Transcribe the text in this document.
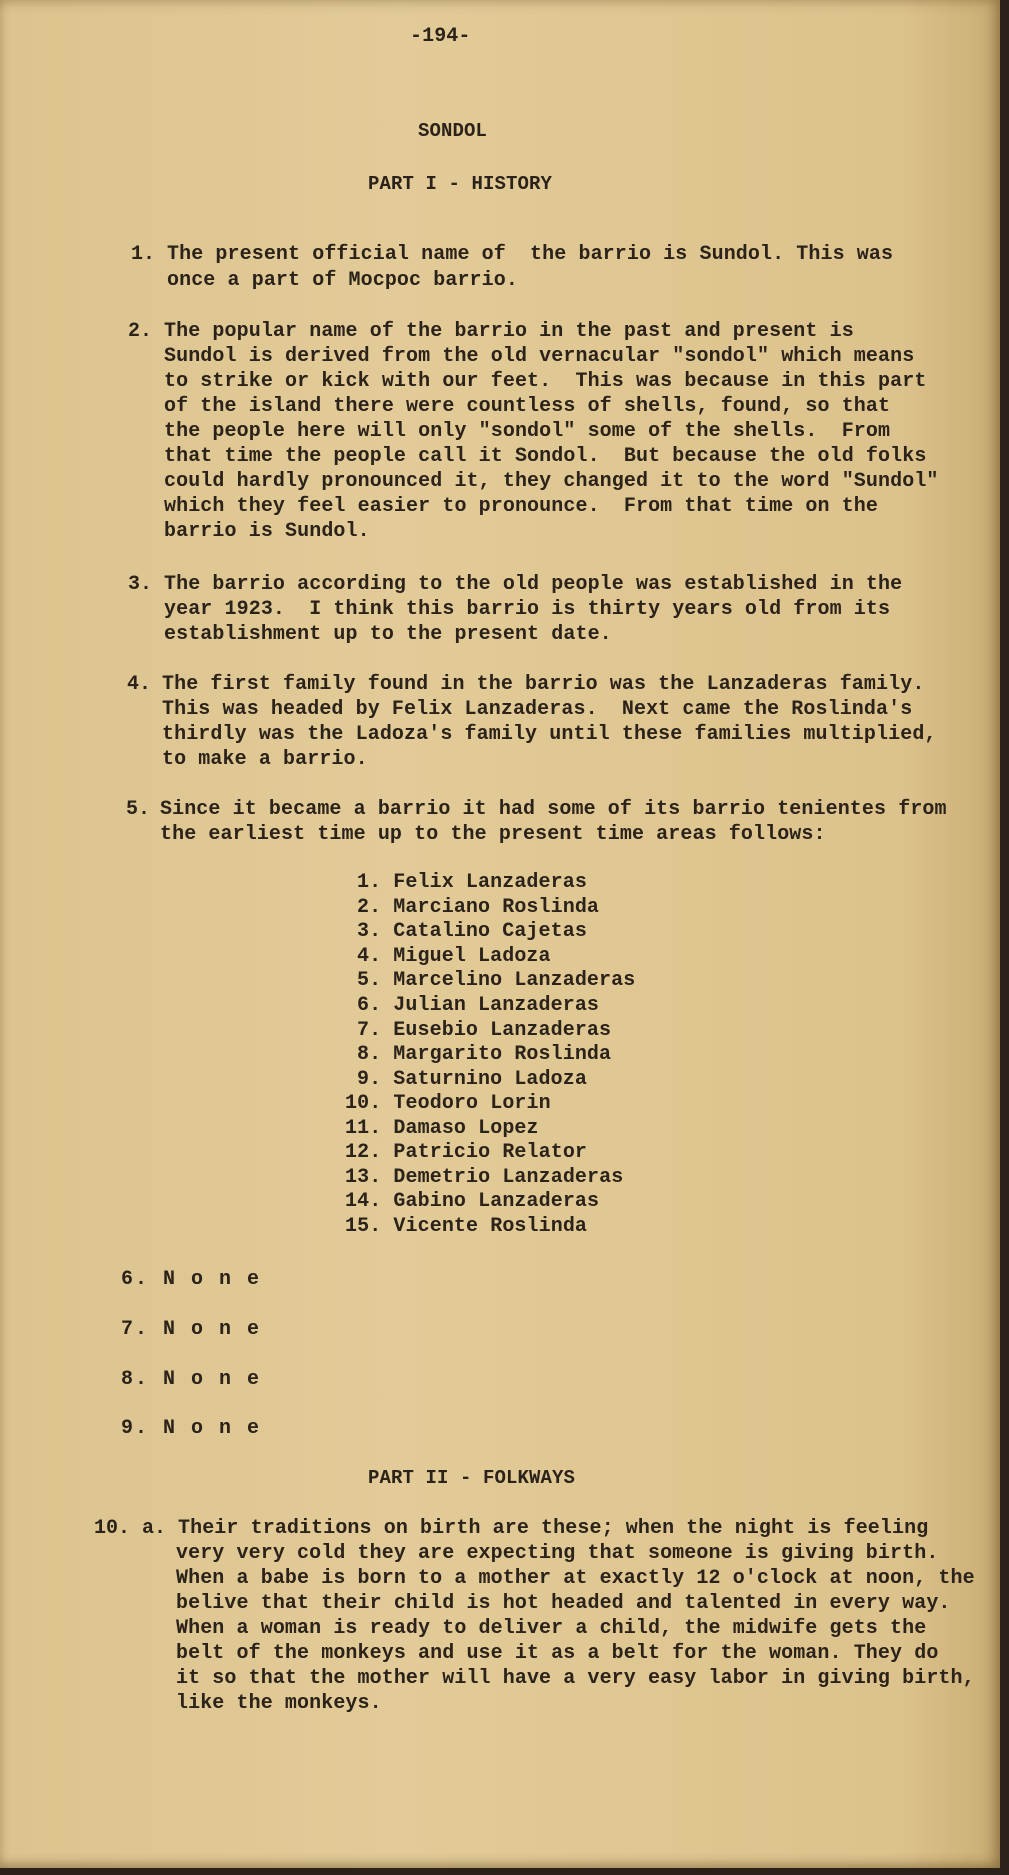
-194-
SONDOL
PART I - HISTORY
1. The present official name of  the barrio is Sundol. This was
once a part of Mocpoc barrio.
2. The popular name of the barrio in the past and present is
Sundol is derived from the old vernacular "sondol" which means
to strike or kick with our feet.  This was because in this part
of the island there were countless of shells, found, so that
the people here will only "sondol" some of the shells.  From
that time the people call it Sondol.  But because the old folks
could hardly pronounced it, they changed it to the word "Sundol"
which they feel easier to pronounce.  From that time on the
barrio is Sundol.
3. The barrio according to the old people was established in the
year 1923.  I think this barrio is thirty years old from its
establishment up to the present date.
4. The first family found in the barrio was the Lanzaderas family.
This was headed by Felix Lanzaderas.  Next came the Roslinda's
thirdly was the Ladoza's family until these families multiplied,
to make a barrio.
5. Since it became a barrio it had some of its barrio tenientes from
the earliest time up to the present time areas follows:
1. Felix Lanzaderas
2. Marciano Roslinda
3. Catalino Cajetas
4. Miguel Ladoza
5. Marcelino Lanzaderas
6. Julian Lanzaderas
7. Eusebio Lanzaderas
8. Margarito Roslinda
9. Saturnino Ladoza
10. Teodoro Lorin
11. Damaso Lopez
12. Patricio Relator
13. Demetrio Lanzaderas
14. Gabino Lanzaderas
15. Vicente Roslinda
6. N o n e
7. N o n e
8. N o n e
9. N o n e
PART II - FOLKWAYS
10. a. Their traditions on birth are these; when the night is feeling
very very cold they are expecting that someone is giving birth.
When a babe is born to a mother at exactly 12 o'clock at noon, the
belive that their child is hot headed and talented in every way.
When a woman is ready to deliver a child, the midwife gets the
belt of the monkeys and use it as a belt for the woman. They do
it so that the mother will have a very easy labor in giving birth,
like the monkeys.
